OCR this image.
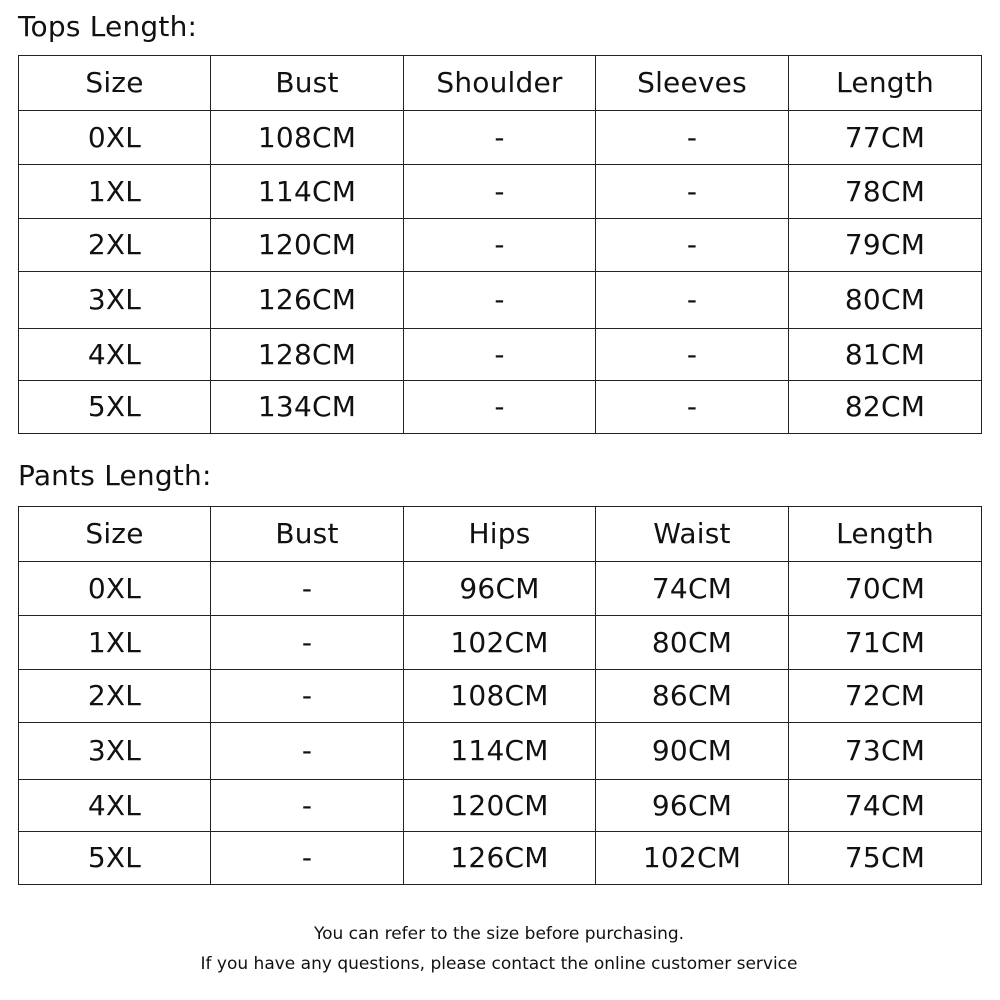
Tops Length:
Size	Bust	Shoulder	Sleeves	Length
0XL	108CM	-	-	77CM
1XL	114CM	-	-	78CM
2XL	120CM	-	-	79CM
3XL	126CM	-	-	80CM
4XL	128CM	-	-	81CM
5XL	134CM	-	-	82CM
Pants Length:
Size	Bust	Hips	Waist	Length
0XL	-	96CM	74CM	70CM
1XL	-	102CM	80CM	71CM
2XL	-	108CM	86CM	72CM
3XL	-	114CM	90CM	73CM
4XL	-	120CM	96CM	74CM
5XL	-	126CM	102CM	75CM
You can refer to the size before purchasing.
If you have any questions, please contact the online customer service
